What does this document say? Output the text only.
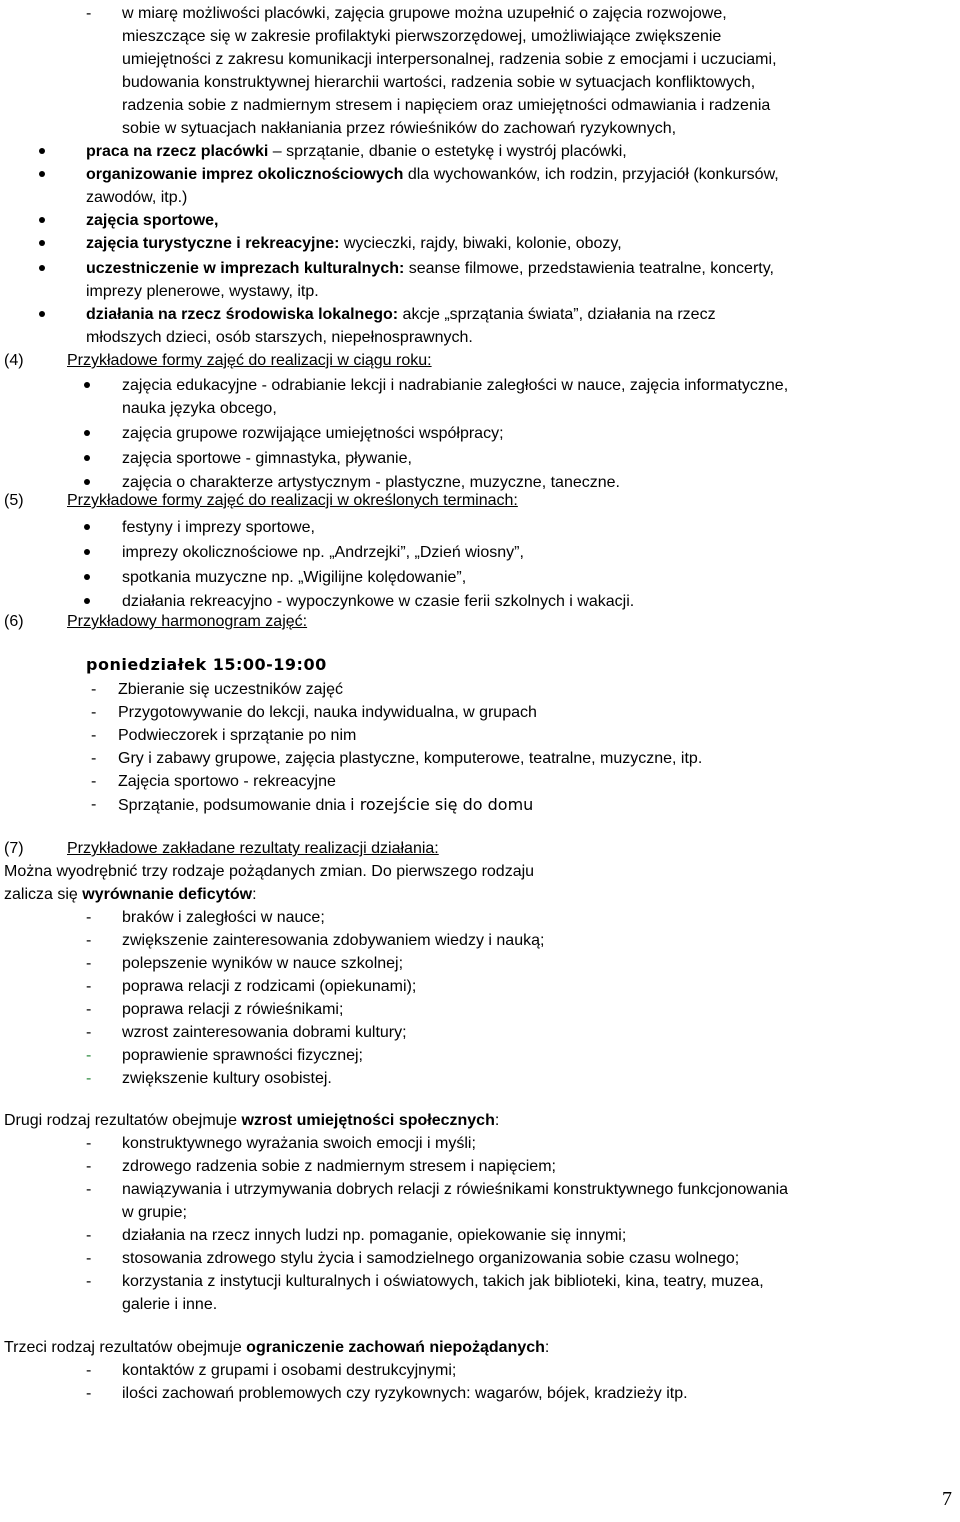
- w miarę możliwości placówki, zajęcia grupowe można uzupełnić o zajęcia rozwojowe,
mieszczące się w zakresie profilaktyki pierwszorzędowej, umożliwiające zwiększenie
umiejętności z zakresu komunikacji interpersonalnej, radzenia sobie z emocjami i uczuciami,
budowania konstruktywnej hierarchii wartości, radzenia sobie w sytuacjach konfliktowych,
radzenia sobie z nadmiernym stresem i napięciem oraz umiejętności odmawiania i radzenia
sobie w sytuacjach nakłaniania przez rówieśników do zachowań ryzykownych,
praca na rzecz placówki – sprzątanie, dbanie o estetykę i wystrój placówki,
organizowanie imprez okolicznościowych dla wychowanków, ich rodzin, przyjaciół (konkursów,
zawodów, itp.)
zajęcia sportowe,
zajęcia turystyczne i rekreacyjne: wycieczki, rajdy, biwaki, kolonie, obozy,
uczestniczenie w imprezach kulturalnych: seanse filmowe, przedstawienia teatralne, koncerty,
imprezy plenerowe, wystawy, itp.
działania na rzecz środowiska lokalnego: akcje „sprzątania świata”, działania na rzecz
młodszych dzieci, osób starszych, niepełnosprawnych.
(4)	Przykładowe formy zajęć do realizacji w ciągu roku:
zajęcia edukacyjne - odrabianie lekcji i nadrabianie zaległości w nauce, zajęcia informatyczne,
nauka języka obcego,
zajęcia grupowe rozwijające umiejętności współpracy;
zajęcia sportowe - gimnastyka, pływanie,
zajęcia o charakterze artystycznym - plastyczne, muzyczne, taneczne.
(5)	Przykładowe formy zajęć do realizacji w określonych terminach:
festyny i imprezy sportowe,
imprezy okolicznościowe np. „Andrzejki”, „Dzień wiosny”,
spotkania muzyczne np. „Wigilijne kolędowanie”,
działania rekreacyjno - wypoczynkowe w czasie ferii szkolnych i wakacji.
(6)	Przykładowy harmonogram zajęć:
poniedziałek 15:00-19:00
- Zbieranie się uczestników zajęć
- Przygotowywanie do lekcji, nauka indywidualna, w grupach
- Podwieczorek i sprzątanie po nim
- Gry i zabawy grupowe, zajęcia plastyczne, komputerowe, teatralne, muzyczne, itp.
- Zajęcia sportowo - rekreacyjne
- Sprzątanie, podsumowanie dnia i rozejście się do domu
(7)	Przykładowe zakładane rezultaty realizacji działania:
Można wyodrębnić trzy rodzaje pożądanych zmian. Do pierwszego rodzaju
zalicza się wyrównanie deficytów:
- braków i zaległości w nauce;
- zwiększenie zainteresowania zdobywaniem wiedzy i nauką;
- polepszenie wyników w nauce szkolnej;
- poprawa relacji z rodzicami (opiekunami);
- poprawa relacji z rówieśnikami;
- wzrost zainteresowania dobrami kultury;
- poprawienie sprawności fizycznej;
- zwiększenie kultury osobistej.
Drugi rodzaj rezultatów obejmuje wzrost umiejętności społecznych:
- konstruktywnego wyrażania swoich emocji i myśli;
- zdrowego radzenia sobie z nadmiernym stresem i napięciem;
- nawiązywania i utrzymywania dobrych relacji z rówieśnikami konstruktywnego funkcjonowania
w grupie;
- działania na rzecz innych ludzi np. pomaganie, opiekowanie się innymi;
- stosowania zdrowego stylu życia i samodzielnego organizowania sobie czasu wolnego;
- korzystania z instytucji kulturalnych i oświatowych, takich jak biblioteki, kina, teatry, muzea,
galerie i inne.
Trzeci rodzaj rezultatów obejmuje ograniczenie zachowań niepożądanych:
- kontaktów z grupami i osobami destrukcyjnymi;
- ilości zachowań problemowych czy ryzykownych: wagarów, bójek, kradzieży itp.
7
